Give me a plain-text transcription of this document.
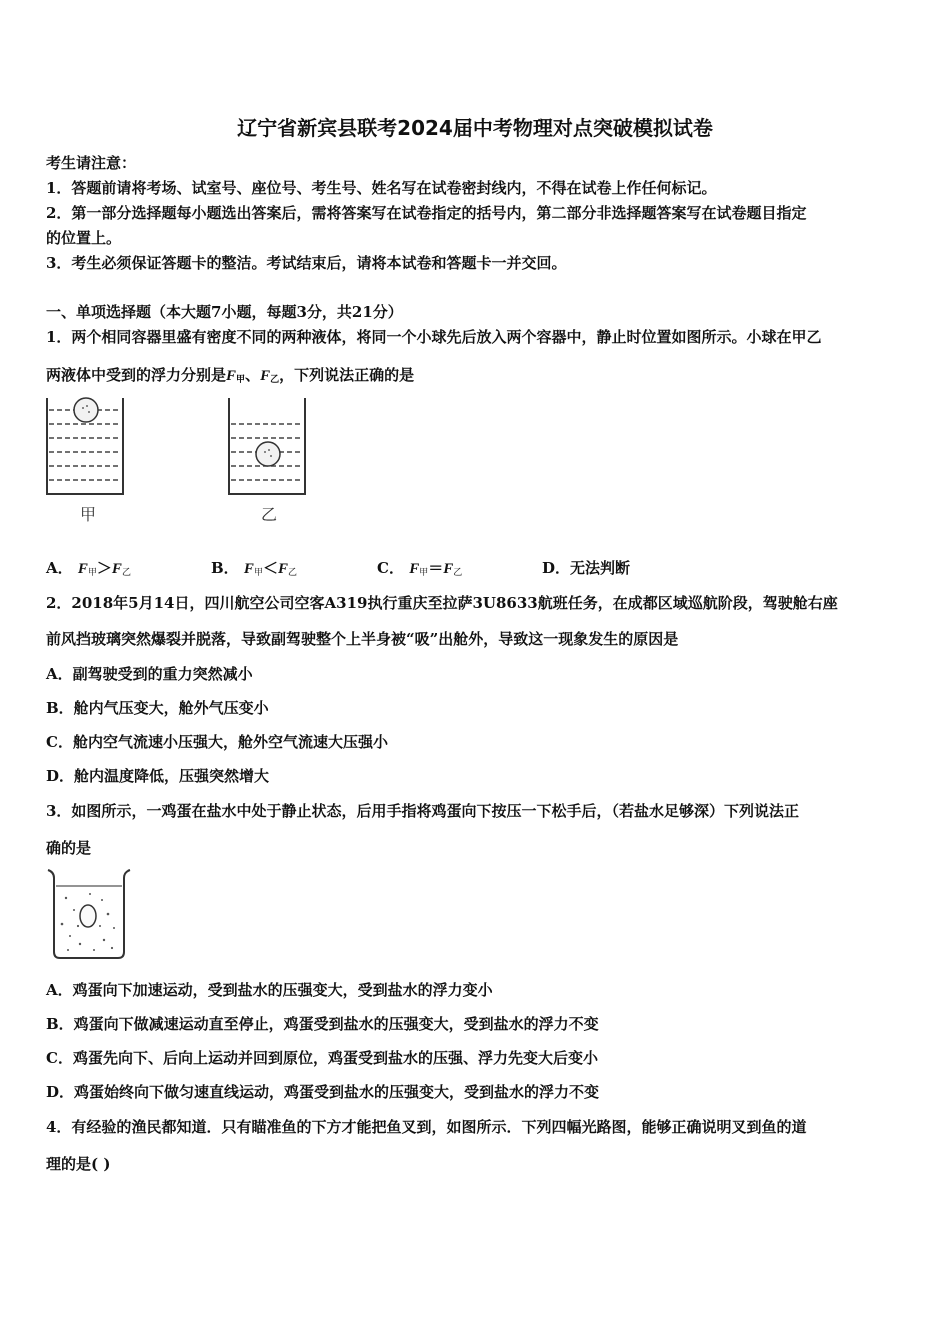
辽宁省新宾县联考2024届中考物理对点突破模拟试卷
考生请注意：
1．答题前请将考场、试室号、座位号、考生号、姓名写在试卷密封线内，不得在试卷上作任何标记。
2．第一部分选择题每小题选出答案后，需将答案写在试卷指定的括号内，第二部分非选择题答案写在试卷题目指定
的位置上。
3．考生必须保证答题卡的整洁。考试结束后，请将本试卷和答题卡一并交回。
一、单项选择题（本大题7小题，每题3分，共21分）
1．两个相同容器里盛有密度不同的两种液体，将同一个小球先后放入两个容器中，静止时位置如图所示。小球在甲乙
两液体中受到的浮力分别是$F_甲$、$F_乙$，下列说法正确的是
甲	乙
A． $F_甲>F_乙$	B． $F_甲<F_乙$	C． $F_甲=F_乙$	D．无法判断
2．2018年5月14日，四川航空公司空客A319执行重庆至拉萨3U8633航班任务，在成都区域巡航阶段，驾驶舱右座
前风挡玻璃突然爆裂并脱落，导致副驾驶整个上半身被“吸”出舱外，导致这一现象发生的原因是
A．副驾驶受到的重力突然减小
B．舱内气压变大，舱外气压变小
C．舱内空气流速小压强大，舱外空气流速大压强小
D．舱内温度降低，压强突然增大
3．如图所示，一鸡蛋在盐水中处于静止状态，后用手指将鸡蛋向下按压一下松手后，（若盐水足够深）下列说法正
确的是
A．鸡蛋向下加速运动，受到盐水的压强变大，受到盐水的浮力变小
B．鸡蛋向下做减速运动直至停止，鸡蛋受到盐水的压强变大，受到盐水的浮力不变
C．鸡蛋先向下、后向上运动并回到原位，鸡蛋受到盐水的压强、浮力先变大后变小
D．鸡蛋始终向下做匀速直线运动，鸡蛋受到盐水的压强变大，受到盐水的浮力不变
4．有经验的渔民都知道．只有瞄准鱼的下方才能把鱼叉到，如图所示．下列四幅光路图，能够正确说明叉到鱼的道
理的是( )
